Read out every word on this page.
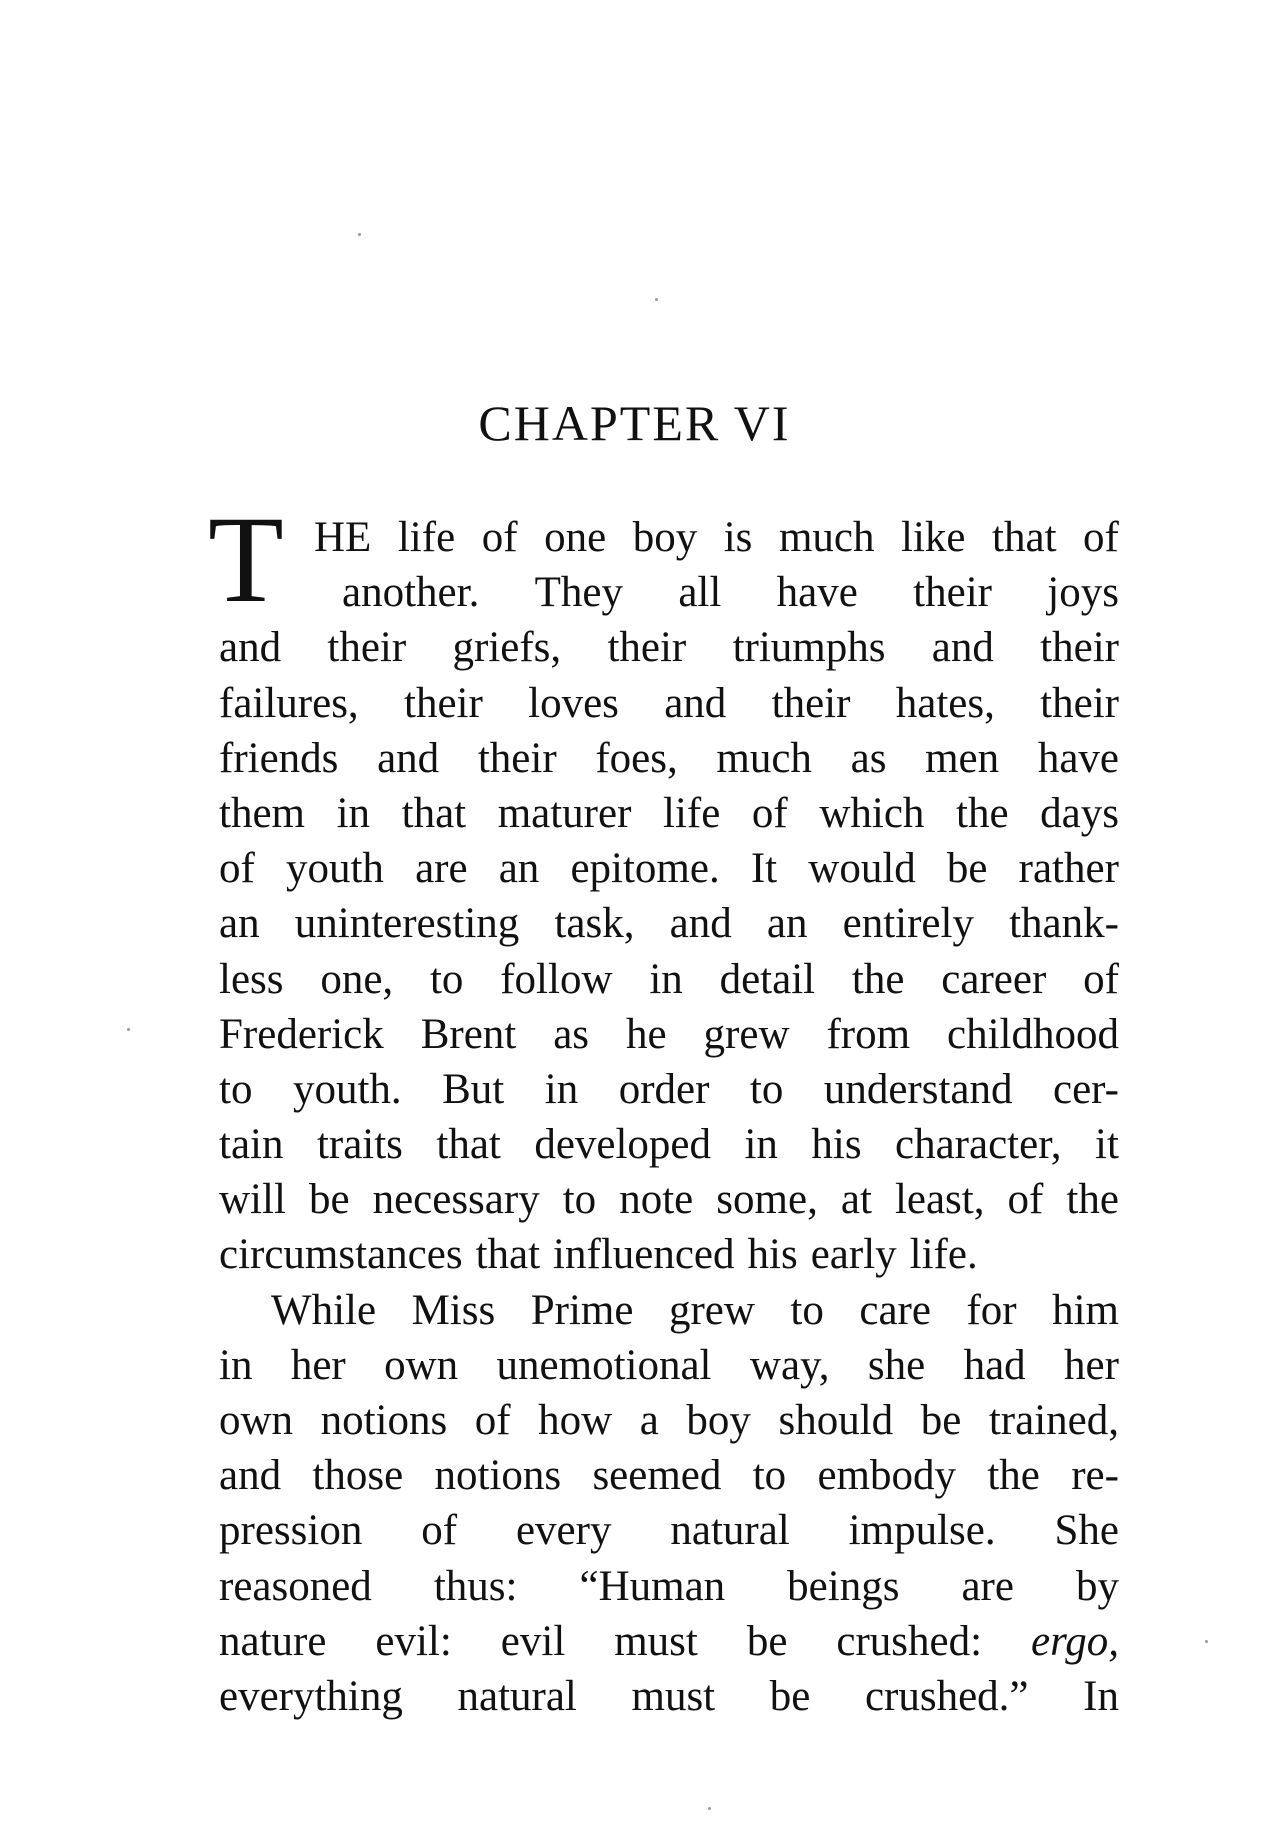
CHAPTER VI
T HE life of one boy is much like that of
another. They all have their joys
and their griefs, their triumphs and their
failures, their loves and their hates, their
friends and their foes, much as men have
them in that maturer life of which the days
of youth are an epitome. It would be rather
an uninteresting task, and an entirely thank-
less one, to follow in detail the career of
Frederick Brent as he grew from childhood
to youth. But in order to understand cer-
tain traits that developed in his character, it
will be necessary to note some, at least, of the
circumstances that influenced his early life.
While Miss Prime grew to care for him
in her own unemotional way, she had her
own notions of how a boy should be trained,
and those notions seemed to embody the re-
pression of every natural impulse. She
reasoned thus: “Human beings are by
nature evil: evil must be crushed: ergo,
everything natural must be crushed.” In
